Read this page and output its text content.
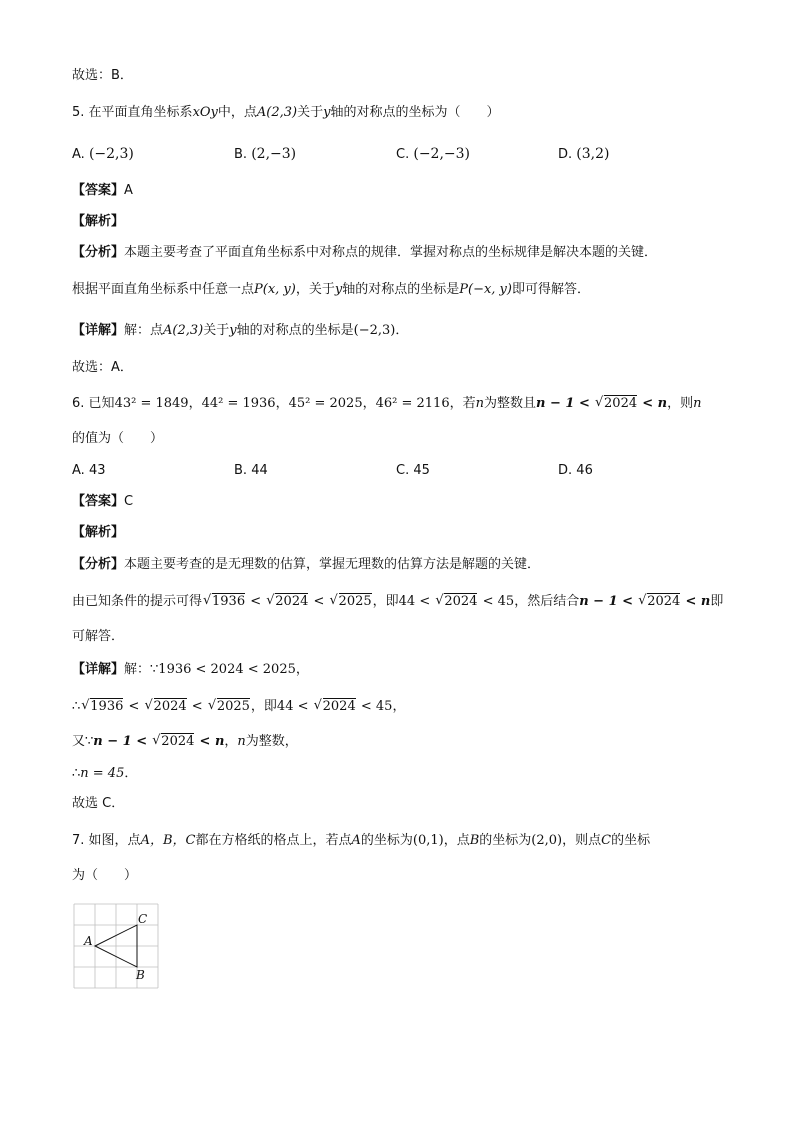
故选：B．
5. 在平面直角坐标系xOy中，点A(2,3)关于y轴的对称点的坐标为（　　）
A. (−2,3)	B. (2,−3)	C. (−2,−3)	D. (3,2)
【答案】A
【解析】
【分析】本题主要考查了平面直角坐标系中对称点的规律．掌握对称点的坐标规律是解决本题的关键．
根据平面直角坐标系中任意一点P(x, y)，关于y轴的对称点的坐标是P(−x, y)即可得解答．
【详解】解：点A(2,3)关于y轴的对称点的坐标是(−2,3)．
故选：A．
6. 已知43² = 1849，44² = 1936，45² = 2025，46² = 2116，若n为整数且n − 1 < √ 2024 < n，则n
的值为（　　）
A. 43	B. 44	C. 45	D. 46
【答案】C
【解析】
【分析】本题主要考查的是无理数的估算，掌握无理数的估算方法是解题的关键．
由已知条件的提示可得 √ 1936 < √ 2024 < √ 2025，即44 < √ 2024 < 45，然后结合n − 1 < √ 2024 < n即
可解答．
【详解】解：∵1936 < 2024 < 2025，
∴ √ 1936 < √ 2024 < √ 2025，即44 < √ 2024 < 45，
又∵n − 1 < √ 2024 < n，n为整数，
∴n = 45．
故选 C．
7. 如图，点A，B，C都在方格纸的格点上，若点A的坐标为(0,1)，点B的坐标为(2,0)，则点C的坐标
为（　　）
A
C
B
